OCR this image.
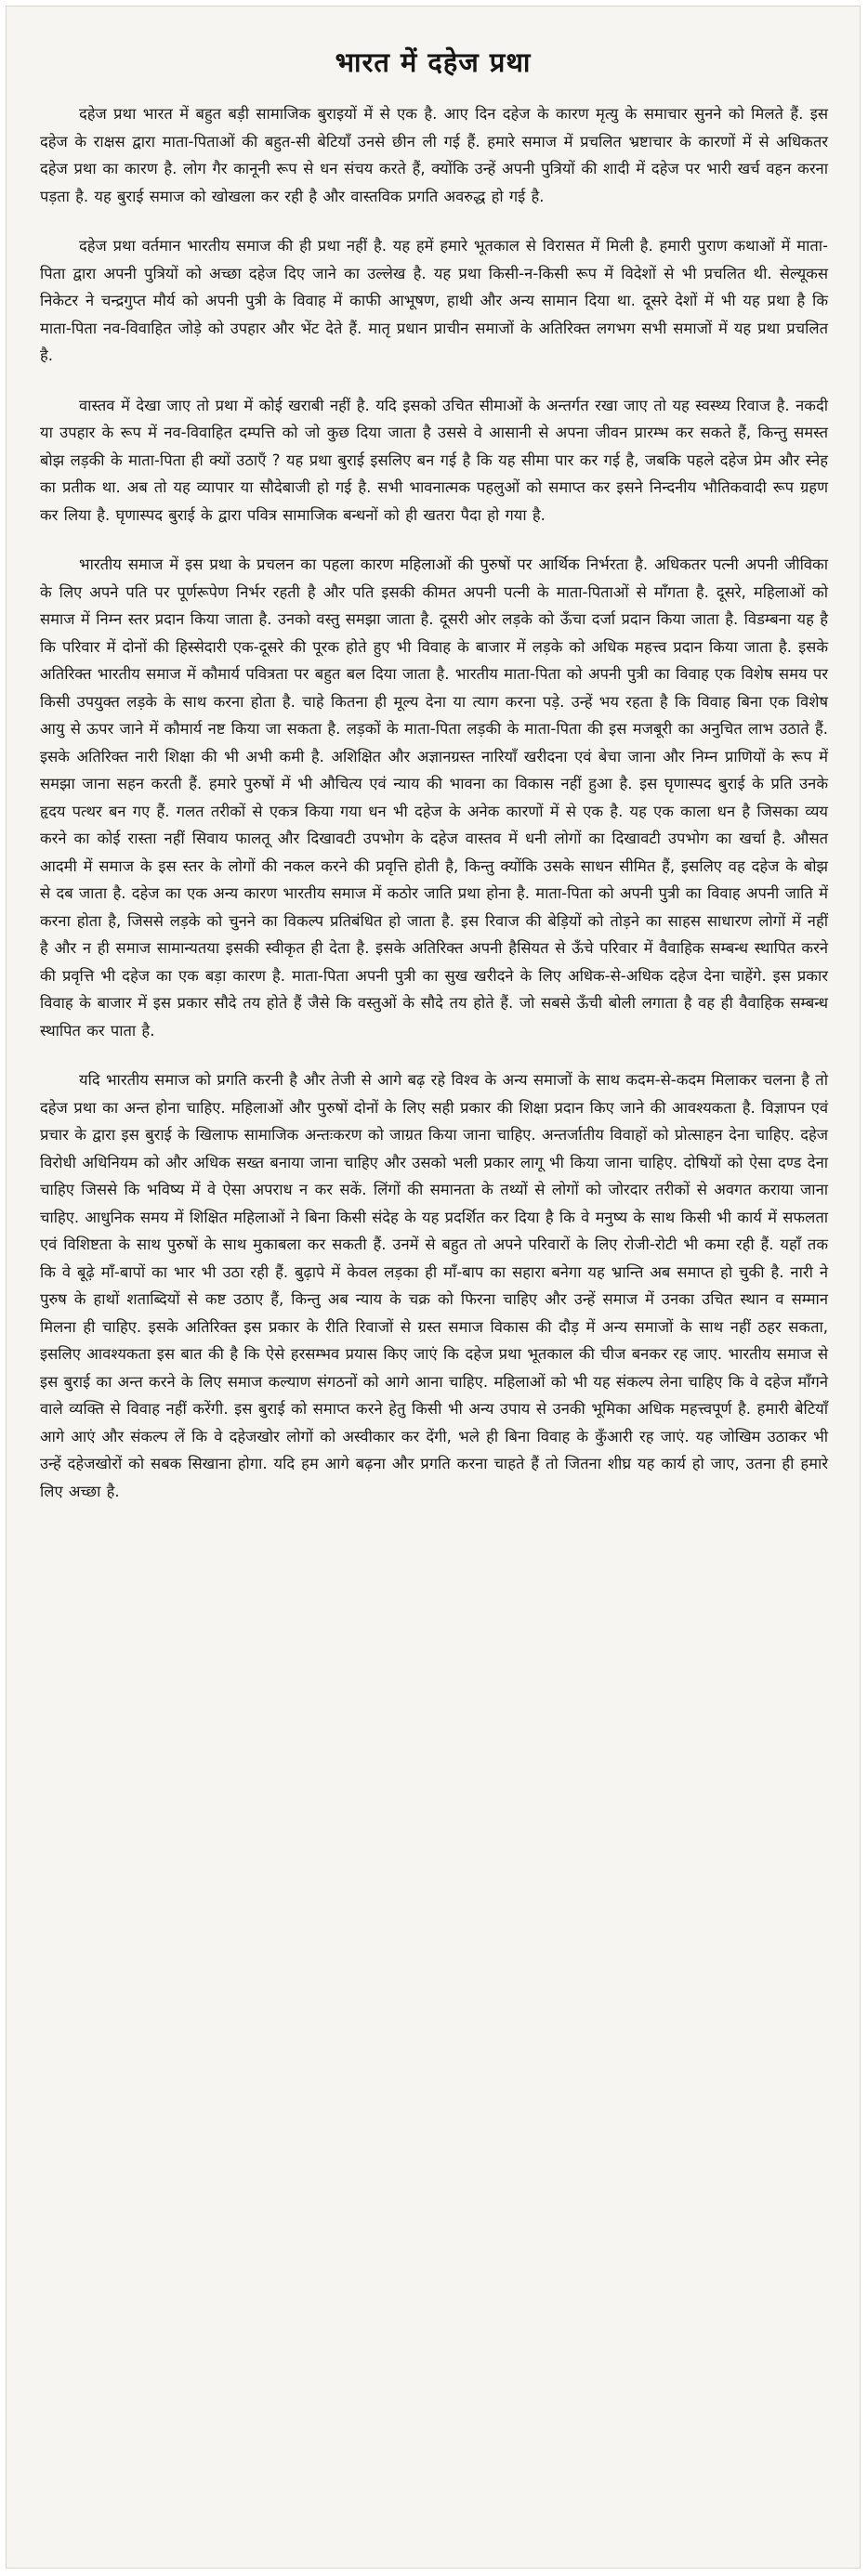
भारत में दहेज प्रथा

दहेज प्रथा भारत में बहुत बड़ी सामाजिक बुराइयों में से एक है. आए दिन दहेज के कारण मृत्यु के समाचार सुनने को मिलते हैं. इस दहेज के राक्षस द्वारा माता-पिताओं की बहुत-सी बेटियाँ उनसे छीन ली गई हैं. हमारे समाज में प्रचलित भ्रष्टाचार के कारणों में से अधिकतर दहेज प्रथा का कारण है. लोग गैर कानूनी रूप से धन संचय करते हैं, क्योंकि उन्हें अपनी पुत्रियों की शादी में दहेज पर भारी खर्च वहन करना पड़ता है. यह बुराई समाज को खोखला कर रही है और वास्तविक प्रगति अवरुद्ध हो गई है.

दहेज प्रथा वर्तमान भारतीय समाज की ही प्रथा नहीं है. यह हमें हमारे भूतकाल से विरासत में मिली है. हमारी पुराण कथाओं में माता-पिता द्वारा अपनी पुत्रियों को अच्छा दहेज दिए जाने का उल्लेख है. यह प्रथा किसी-न-किसी रूप में विदेशों से भी प्रचलित थी. सेल्यूकस निकेटर ने चन्द्रगुप्त मौर्य को अपनी पुत्री के विवाह में काफी आभूषण, हाथी और अन्य सामान दिया था. दूसरे देशों में भी यह प्रथा है कि माता-पिता नव-विवाहित जोड़े को उपहार और भेंट देते हैं. मातृ प्रधान प्राचीन समाजों के अतिरिक्त लगभग सभी समाजों में यह प्रथा प्रचलित है.

वास्तव में देखा जाए तो प्रथा में कोई खराबी नहीं है. यदि इसको उचित सीमाओं के अन्तर्गत रखा जाए तो यह स्वस्थ्य रिवाज है. नकदी या उपहार के रूप में नव-विवाहित दम्पत्ति को जो कुछ दिया जाता है उससे वे आसानी से अपना जीवन प्रारम्भ कर सकते हैं, किन्तु समस्त बोझ लड़की के माता-पिता ही क्यों उठाएँ ? यह प्रथा बुराई इसलिए बन गई है कि यह सीमा पार कर गई है, जबकि पहले दहेज प्रेम और स्नेह का प्रतीक था. अब तो यह व्यापार या सौदेबाजी हो गई है. सभी भावनात्मक पहलुओं को समाप्त कर इसने निन्दनीय भौतिकवादी रूप ग्रहण कर लिया है. घृणास्पद बुराई के द्वारा पवित्र सामाजिक बन्धनों को ही खतरा पैदा हो गया है.

भारतीय समाज में इस प्रथा के प्रचलन का पहला कारण महिलाओं की पुरुषों पर आर्थिक निर्भरता है. अधिकतर पत्नी अपनी जीविका के लिए अपने पति पर पूर्णरूपेण निर्भर रहती है और पति इसकी कीमत अपनी पत्नी के माता-पिताओं से माँगता है. दूसरे, महिलाओं को समाज में निम्न स्तर प्रदान किया जाता है. उनको वस्तु समझा जाता है. दूसरी ओर लड़के को ऊँचा दर्जा प्रदान किया जाता है. विडम्बना यह है कि परिवार में दोनों की हिस्सेदारी एक-दूसरे की पूरक होते हुए भी विवाह के बाजार में लड़के को अधिक महत्त्व प्रदान किया जाता है. इसके अतिरिक्त भारतीय समाज में कौमार्य पवित्रता पर बहुत बल दिया जाता है. भारतीय माता-पिता को अपनी पुत्री का विवाह एक विशेष समय पर किसी उपयुक्त लड़के के साथ करना होता है. चाहे कितना ही मूल्य देना या त्याग करना पड़े. उन्हें भय रहता है कि विवाह बिना एक विशेष आयु से ऊपर जाने में कौमार्य नष्ट किया जा सकता है. लड़कों के माता-पिता लड़की के माता-पिता की इस मजबूरी का अनुचित लाभ उठाते हैं. इसके अतिरिक्त नारी शिक्षा की भी अभी कमी है. अशिक्षित और अज्ञानग्रस्त नारियाँ खरीदना एवं बेचा जाना और निम्न प्राणियों के रूप में समझा जाना सहन करती हैं. हमारे पुरुषों में भी औचित्य एवं न्याय की भावना का विकास नहीं हुआ है. इस घृणास्पद बुराई के प्रति उनके हृदय पत्थर बन गए हैं. गलत तरीकों से एकत्र किया गया धन भी दहेज के अनेक कारणों में से एक है. यह एक काला धन है जिसका व्यय करने का कोई रास्ता नहीं सिवाय फालतू और दिखावटी उपभोग के दहेज वास्तव में धनी लोगों का दिखावटी उपभोग का खर्चा है. औसत आदमी में समाज के इस स्तर के लोगों की नकल करने की प्रवृत्ति होती है, किन्तु क्योंकि उसके साधन सीमित हैं, इसलिए वह दहेज के बोझ से दब जाता है. दहेज का एक अन्य कारण भारतीय समाज में कठोर जाति प्रथा होना है. माता-पिता को अपनी पुत्री का विवाह अपनी जाति में करना होता है, जिससे लड़के को चुनने का विकल्प प्रतिबंधित हो जाता है. इस रिवाज की बेड़ियों को तोड़ने का साहस साधारण लोगों में नहीं है और न ही समाज सामान्यतया इसकी स्वीकृत ही देता है. इसके अतिरिक्त अपनी हैसियत से ऊँचे परिवार में वैवाहिक सम्बन्ध स्थापित करने की प्रवृत्ति भी दहेज का एक बड़ा कारण है. माता-पिता अपनी पुत्री का सुख खरीदने के लिए अधिक-से-अधिक दहेज देना चाहेंगे. इस प्रकार विवाह के बाजार में इस प्रकार सौदे तय होते हैं जैसे कि वस्तुओं के सौदे तय होते हैं. जो सबसे ऊँची बोली लगाता है वह ही वैवाहिक सम्बन्ध स्थापित कर पाता है.

यदि भारतीय समाज को प्रगति करनी है और तेजी से आगे बढ़ रहे विश्व के अन्य समाजों के साथ कदम-से-कदम मिलाकर चलना है तो दहेज प्रथा का अन्त होना चाहिए. महिलाओं और पुरुषों दोनों के लिए सही प्रकार की शिक्षा प्रदान किए जाने की आवश्यकता है. विज्ञापन एवं प्रचार के द्वारा इस बुराई के खिलाफ सामाजिक अन्तःकरण को जाग्रत किया जाना चाहिए. अन्तर्जातीय विवाहों को प्रोत्साहन देना चाहिए. दहेज विरोधी अधिनियम को और अधिक सख्त बनाया जाना चाहिए और उसको भली प्रकार लागू भी किया जाना चाहिए. दोषियों को ऐसा दण्ड देना चाहिए जिससे कि भविष्य में वे ऐसा अपराध न कर सकें. लिंगों की समानता के तथ्यों से लोगों को जोरदार तरीकों से अवगत कराया जाना चाहिए. आधुनिक समय में शिक्षित महिलाओं ने बिना किसी संदेह के यह प्रदर्शित कर दिया है कि वे मनुष्य के साथ किसी भी कार्य में सफलता एवं विशिष्टता के साथ पुरुषों के साथ मुकाबला कर सकती हैं. उनमें से बहुत तो अपने परिवारों के लिए रोजी-रोटी भी कमा रही हैं. यहाँ तक कि वे बूढ़े माँ-बापों का भार भी उठा रही हैं. बुढ़ापे में केवल लड़का ही माँ-बाप का सहारा बनेगा यह भ्रान्ति अब समाप्त हो चुकी है. नारी ने पुरुष के हाथों शताब्दियों से कष्ट उठाए हैं, किन्तु अब न्याय के चक्र को फिरना चाहिए और उन्हें समाज में उनका उचित स्थान व सम्मान मिलना ही चाहिए. इसके अतिरिक्त इस प्रकार के रीति रिवाजों से ग्रस्त समाज विकास की दौड़ में अन्य समाजों के साथ नहीं ठहर सकता, इसलिए आवश्यकता इस बात की है कि ऐसे हरसम्भव प्रयास किए जाएं कि दहेज प्रथा भूतकाल की चीज बनकर रह जाए. भारतीय समाज से इस बुराई का अन्त करने के लिए समाज कल्याण संगठनों को आगे आना चाहिए. महिलाओं को भी यह संकल्प लेना चाहिए कि वे दहेज माँगने वाले व्यक्ति से विवाह नहीं करेंगी. इस बुराई को समाप्त करने हेतु किसी भी अन्य उपाय से उनकी भूमिका अधिक महत्त्वपूर्ण है. हमारी बेटियाँ आगे आएं और संकल्प लें कि वे दहेजखोर लोगों को अस्वीकार कर देंगी, भले ही बिना विवाह के कुँआरी रह जाएं. यह जोखिम उठाकर भी उन्हें दहेजखोरों को सबक सिखाना होगा. यदि हम आगे बढ़ना और प्रगति करना चाहते हैं तो जितना शीघ्र यह कार्य हो जाए, उतना ही हमारे लिए अच्छा है.
